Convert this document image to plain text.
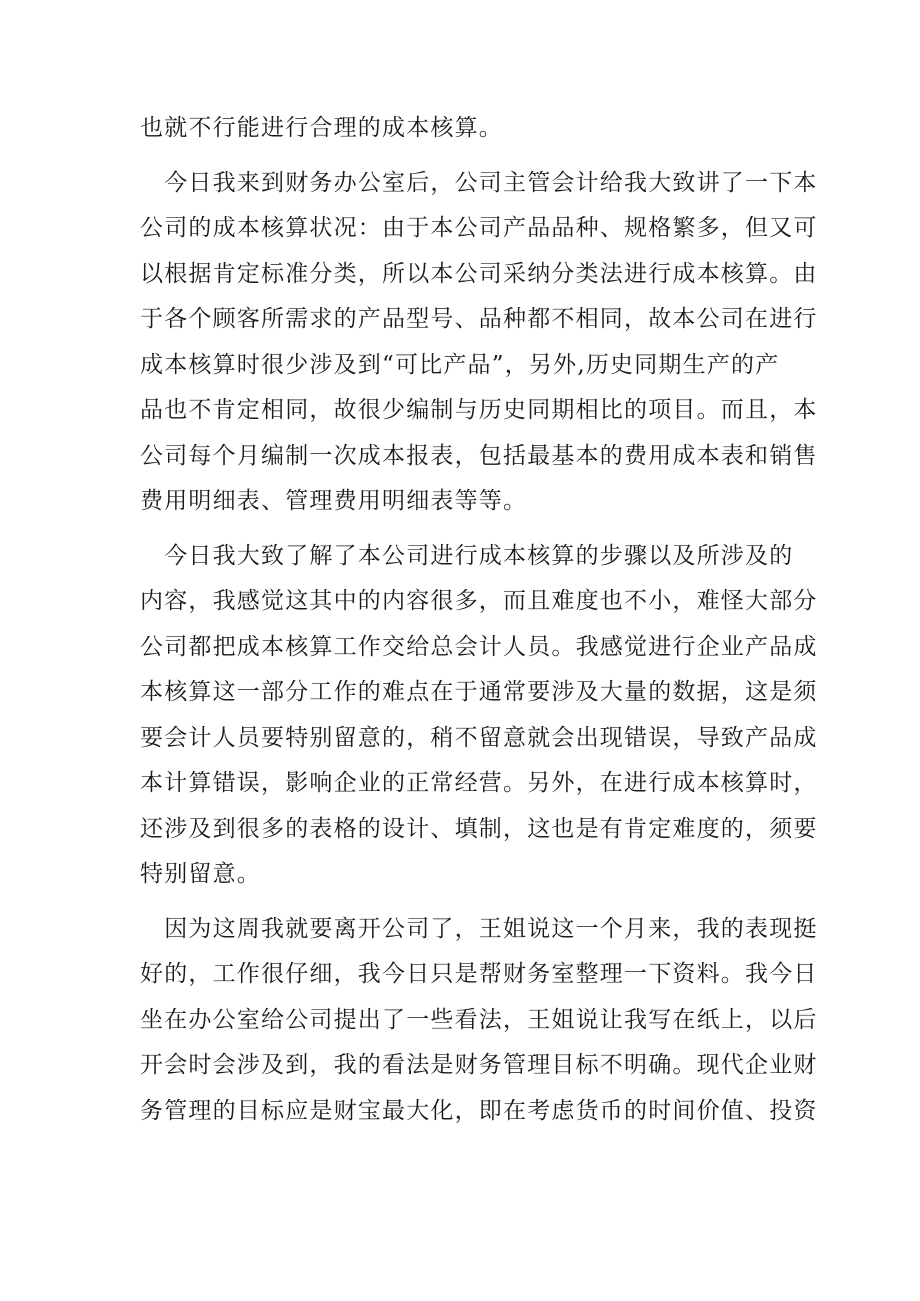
也就不行能进行合理的成本核算。
　今日我来到财务办公室后，公司主管会计给我大致讲了一下本
公司的成本核算状况：由于本公司产品品种、规格繁多，但又可
以根据肯定标准分类，所以本公司采纳分类法进行成本核算。由
于各个顾客所需求的产品型号、品种都不相同，故本公司在进行
成本核算时很少涉及到“可比产品”，另外,历史同期生产的产
品也不肯定相同，故很少编制与历史同期相比的项目。而且，本
公司每个月编制一次成本报表，包括最基本的费用成本表和销售
费用明细表、管理费用明细表等等。
　今日我大致了解了本公司进行成本核算的步骤以及所涉及的
内容，我感觉这其中的内容很多，而且难度也不小，难怪大部分
公司都把成本核算工作交给总会计人员。我感觉进行企业产品成
本核算这一部分工作的难点在于通常要涉及大量的数据，这是须
要会计人员要特别留意的，稍不留意就会出现错误，导致产品成
本计算错误，影响企业的正常经营。另外，在进行成本核算时，
还涉及到很多的表格的设计、填制，这也是有肯定难度的，须要
特别留意。
　因为这周我就要离开公司了，王姐说这一个月来，我的表现挺
好的，工作很仔细，我今日只是帮财务室整理一下资料。我今日
坐在办公室给公司提出了一些看法，王姐说让我写在纸上，以后
开会时会涉及到，我的看法是财务管理目标不明确。现代企业财
务管理的目标应是财宝最大化，即在考虑货币的时间价值、投资
